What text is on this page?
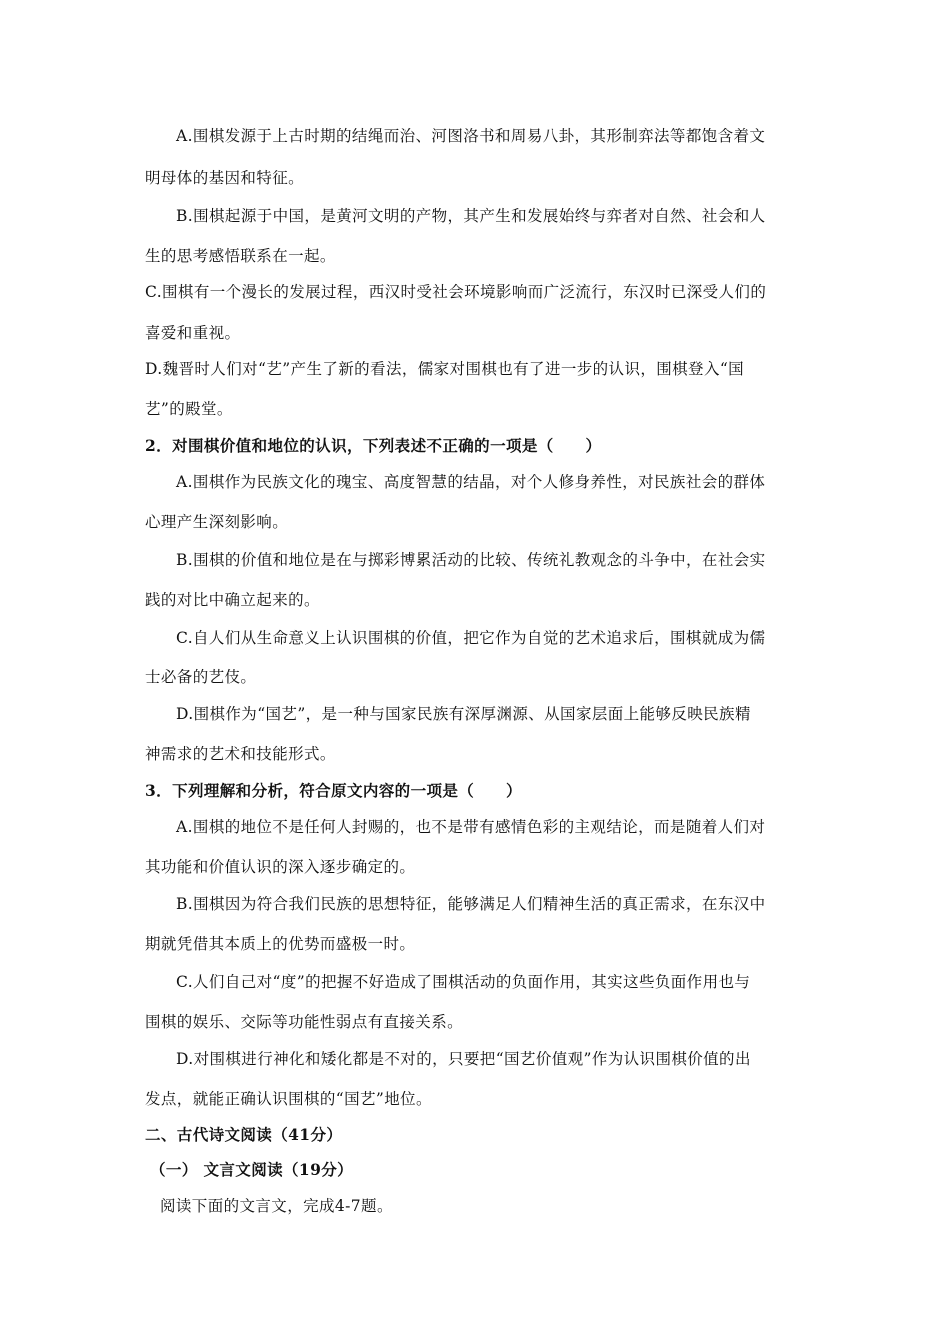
A.围棋发源于上古时期的结绳而治、河图洛书和周易八卦，其形制弈法等都饱含着文
明母体的基因和特征。
B.围棋起源于中国，是黄河文明的产物，其产生和发展始终与弈者对自然、社会和人
生的思考感悟联系在一起。
C.围棋有一个漫长的发展过程，西汉时受社会环境影响而广泛流行，东汉时已深受人们的
喜爱和重视。
D.魏晋时人们对“艺”产生了新的看法，儒家对围棋也有了进一步的认识，围棋登入“国
艺”的殿堂。
2．对围棋价值和地位的认识，下列表述不正确的一项是（　　）
A.围棋作为民族文化的瑰宝、高度智慧的结晶，对个人修身养性，对民族社会的群体
心理产生深刻影响。
B.围棋的价值和地位是在与掷彩博累活动的比较、传统礼教观念的斗争中，在社会实
践的对比中确立起来的。
C.自人们从生命意义上认识围棋的价值，把它作为自觉的艺术追求后，围棋就成为儒
士必备的艺伎。
D.围棋作为“国艺”，是一种与国家民族有深厚渊源、从国家层面上能够反映民族精
神需求的艺术和技能形式。
3．下列理解和分析，符合原文内容的一项是（　　）
A.围棋的地位不是任何人封赐的，也不是带有感情色彩的主观结论，而是随着人们对
其功能和价值认识的深入逐步确定的。
B.围棋因为符合我们民族的思想特征，能够满足人们精神生活的真正需求，在东汉中
期就凭借其本质上的优势而盛极一时。
C.人们自己对“度”的把握不好造成了围棋活动的负面作用，其实这些负面作用也与
围棋的娱乐、交际等功能性弱点有直接关系。
D.对围棋进行神化和矮化都是不对的，只要把“国艺价值观”作为认识围棋价值的出
发点，就能正确认识围棋的“国艺”地位。
二、古代诗文阅读（41分）
（一） 文言文阅读（19分）
阅读下面的文言文，完成4-7题。
